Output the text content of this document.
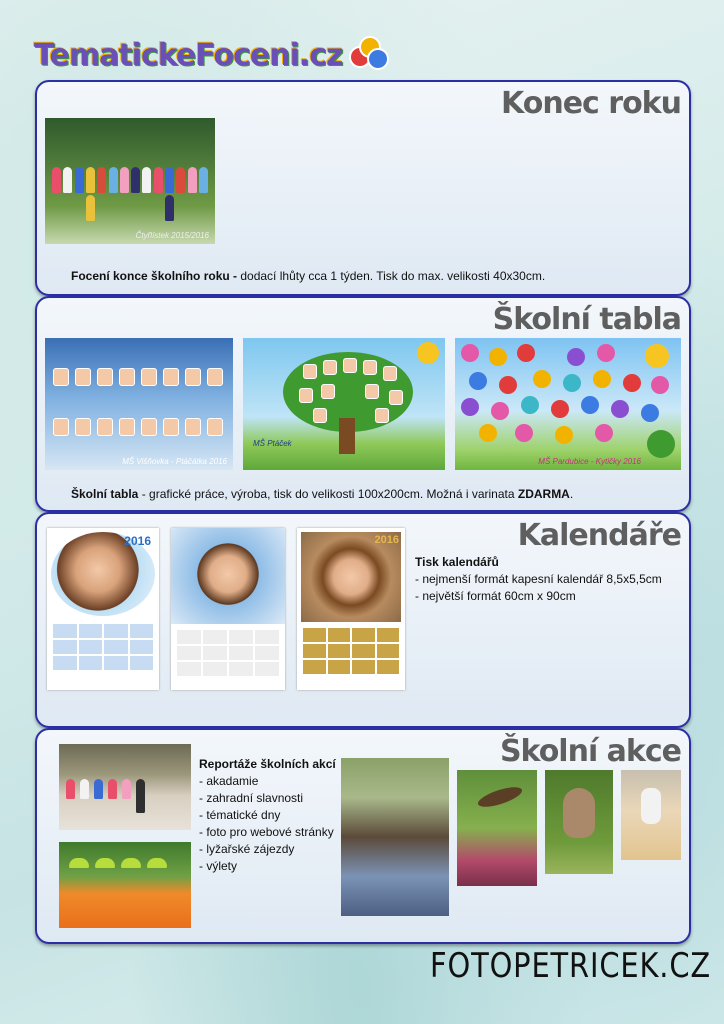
TematickeFoceni.cz
Konec roku
Čtyřlístek 2015/2016
Focení konce školního roku - dodací lhůty cca 1 týden. Tisk do max. velikosti 40x30cm.
Školní tabla
MŠ Višňovka - Ptáčátka 2016
MŠ Ptáček
MŠ Pardubice - Kytičky 2016
Školní tabla - grafické práce, výroba, tisk do velikosti 100x200cm. Možná i varinata ZDARMA.
Kalendáře
2016	2016
Tisk kalendářů
- nejmenší formát kapesní kalendář 8,5x5,5cm
- největší formát 60cm x 90cm
Školní akce
Reportáže školních akcí
- akadamie
- zahradní slavnosti
- tématické dny
- foto pro webové stránky
- lyžařské zájezdy
- výlety
FOTOPETRICEK.CZ
